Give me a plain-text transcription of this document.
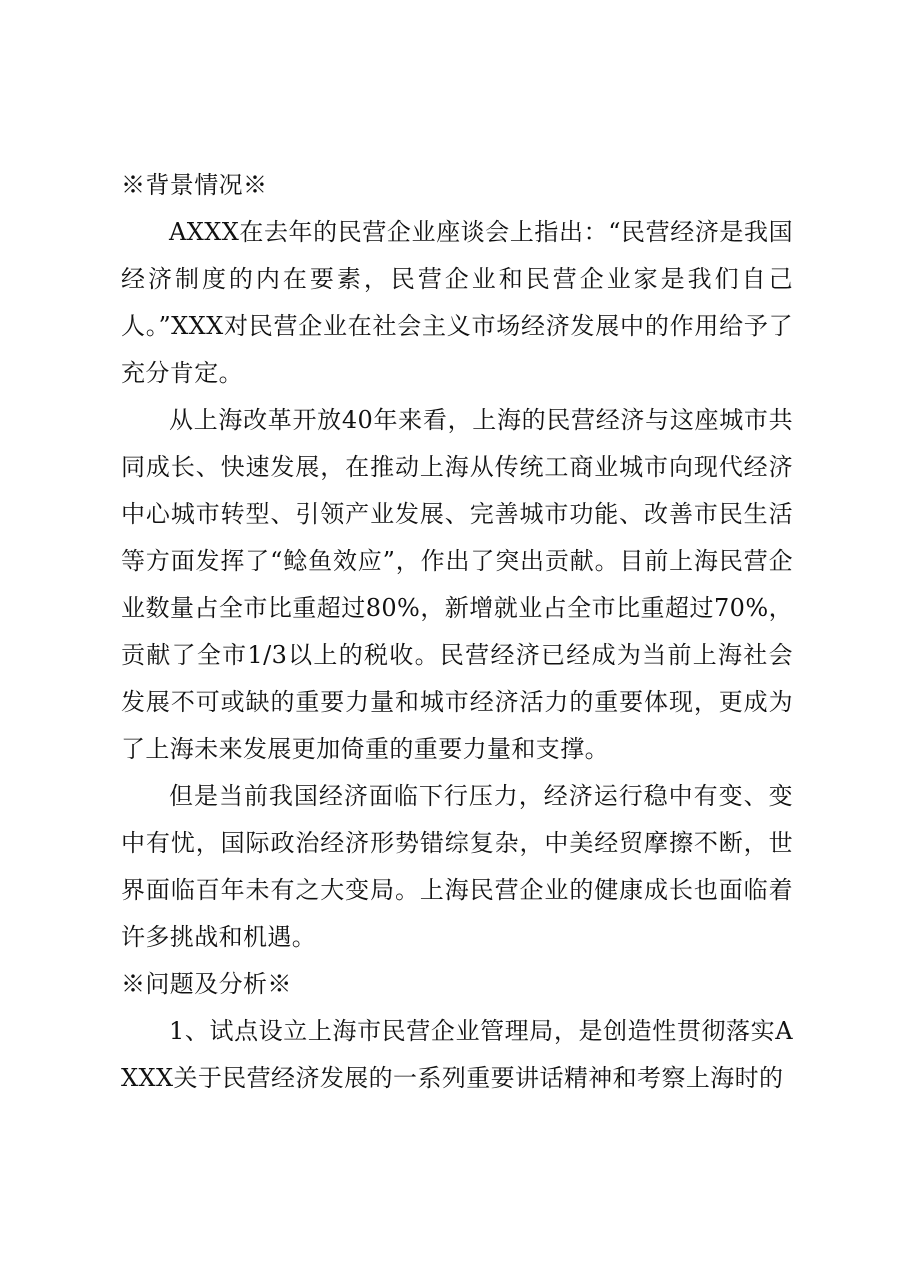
※背景情况※
AXXX在去年的民营企业座谈会上指出：“民营经济是我国经济制度的内在要素，民营企业和民营企业家是我们自己人。”XXX对民营企业在社会主义市场经济发展中的作用给予了充分肯定。
从上海改革开放40年来看，上海的民营经济与这座城市共同成长、快速发展，在推动上海从传统工商业城市向现代经济中心城市转型、引领产业发展、完善城市功能、改善市民生活等方面发挥了“鲶鱼效应”，作出了突出贡献。目前上海民营企业数量占全市比重超过80%，新增就业占全市比重超过70%，贡献了全市1/3以上的税收。民营经济已经成为当前上海社会发展不可或缺的重要力量和城市经济活力的重要体现，更成为了上海未来发展更加倚重的重要力量和支撑。
但是当前我国经济面临下行压力，经济运行稳中有变、变中有忧，国际政治经济形势错综复杂，中美经贸摩擦不断，世界面临百年未有之大变局。上海民营企业的健康成长也面临着许多挑战和机遇。
※问题及分析※
1、试点设立上海市民营企业管理局，是创造性贯彻落实AXXX关于民营经济发展的一系列重要讲话精神和考察上海时的
